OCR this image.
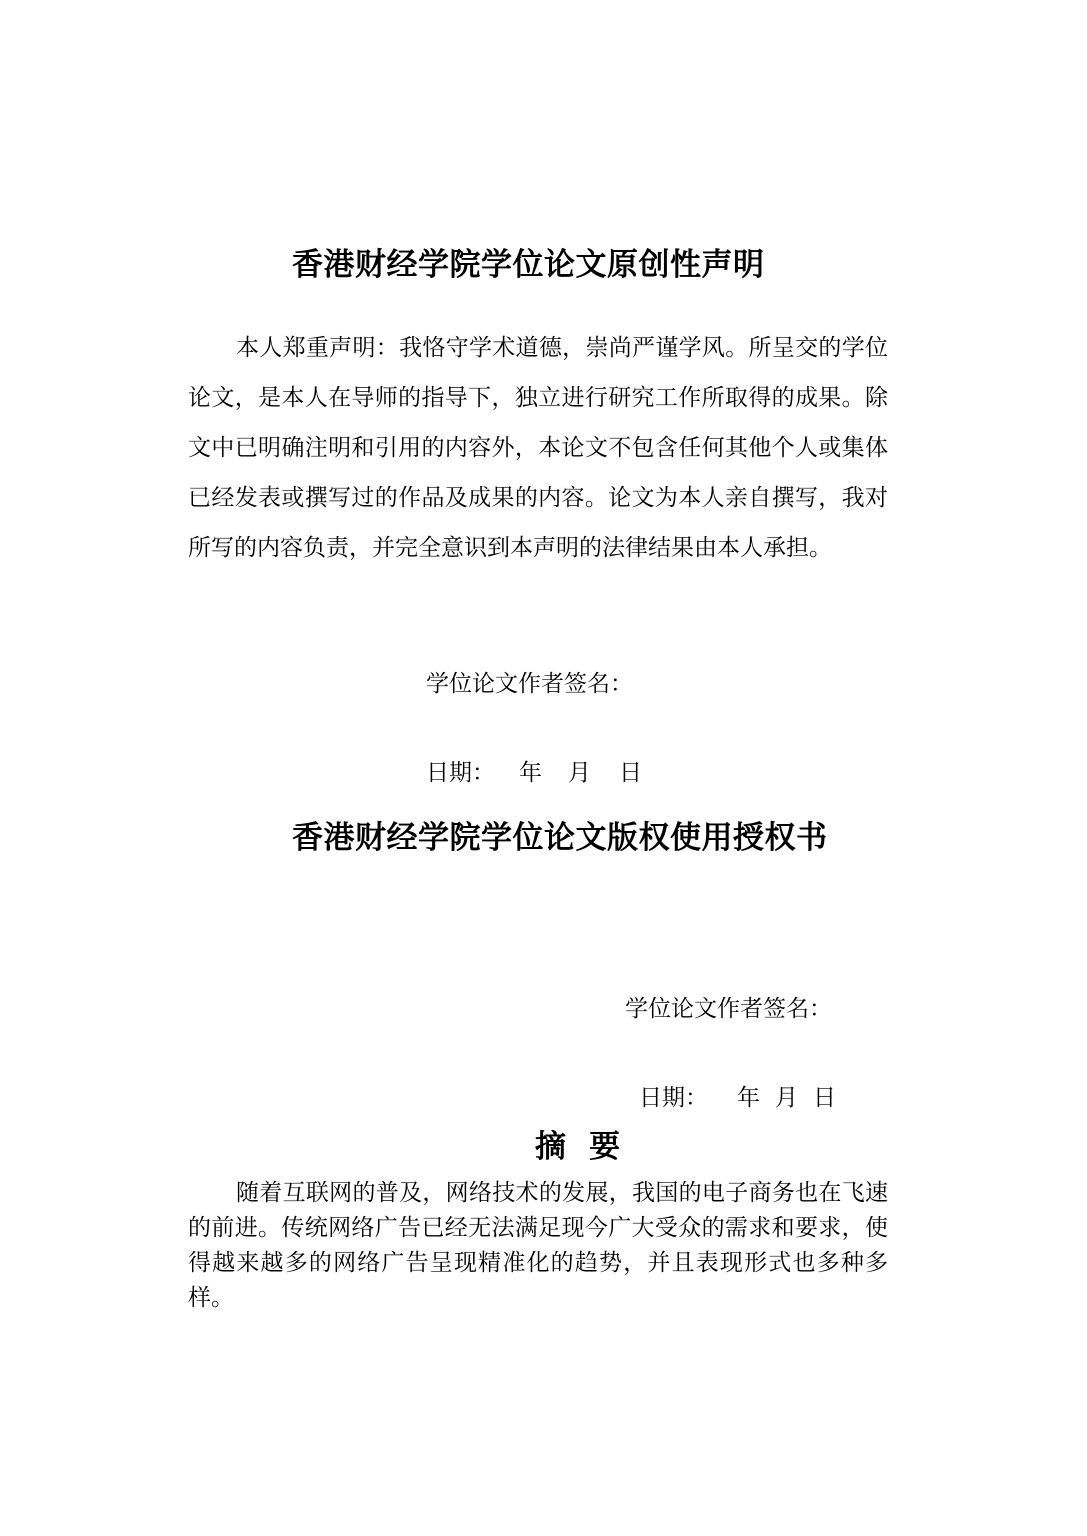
香港财经学院学位论文原创性声明
本人郑重声明：我恪守学术道德，崇尚严谨学风。所呈交的学位论文，是本人在导师的指导下，独立进行研究工作所取得的成果。除文中已明确注明和引用的内容外，本论文不包含任何其他个人或集体已经发表或撰写过的作品及成果的内容。论文为本人亲自撰写，我对所写的内容负责，并完全意识到本声明的法律结果由本人承担。
学位论文作者签名：
日期： 年 月 日
香港财经学院学位论文版权使用授权书
学位论文作者签名：
日期： 年 月 日
摘  要
随着互联网的普及，网络技术的发展，我国的电子商务也在飞速的前进。传统网络广告已经无法满足现今广大受众的需求和要求，使得越来越多的网络广告呈现精准化的趋势，并且表现形式也多种多样。
